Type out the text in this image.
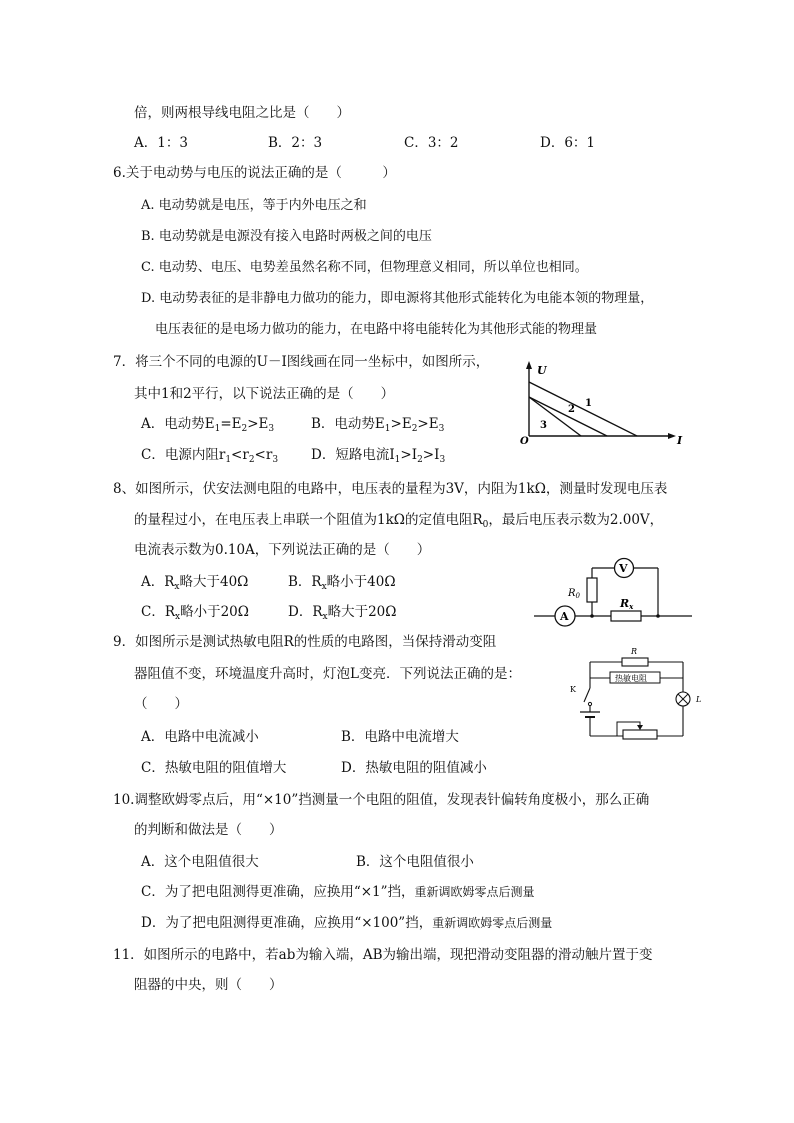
倍，则两根导线电阻之比是（　　）
A．1：3	B．2：3	C．3：2	D．6：1
6.关于电动势与电压的说法正确的是（　　　）
A. 电动势就是电压，等于内外电压之和
B. 电动势就是电源没有接入电路时两极之间的电压
C. 电动势、电压、电势差虽然名称不同，但物理意义相同，所以单位也相同。
D. 电动势表征的是非静电力做功的能力，即电源将其他形式能转化为电能本领的物理量，
电压表征的是电场力做功的能力，在电路中将电能转化为其他形式能的物理量
7．将三个不同的电源的U－I图线画在同一坐标中，如图所示，
其中1和2平行，以下说法正确的是（　　）
A．电动势$E_1=E_2>E_3$	B．电动势$E_1>E_2>E_3$
C．电源内阻$r_1<r_2<r_3$ D．短路电流$I_1>I_2>I_3$
U
I
O
1
2
3
8、如图所示，伏安法测电阻的电路中，电压表的量程为3V，内阻为1kΩ，测量时发现电压表
的量程过小，在电压表上串联一个阻值为1kΩ的定值电阻$R_0$，最后电压表示数为2.00V，
电流表示数为0.10A，下列说法正确的是（　　）
A．$R_x$略大于40Ω	B．$R_x$略小于40Ω
C．$R_x$略小于20Ω	D．$R_x$略大于20Ω	A
V
$R_0$
Rx
9．如图所示是测试热敏电阻R的性质的电路图，当保持滑动变阻
器阻值不变，环境温度升高时，灯泡L变亮．下列说法正确的是：
（　　）
A．电路中电流减小	B．电路中电流增大
C．热敏电阻的阻值增大	D．热敏电阻的阻值减小
R
热敏电阻
K
L
10.调整欧姆零点后，用“×10”挡测量一个电阻的阻值，发现表针偏转角度极小，那么正确
的判断和做法是（　　）
A．这个电阻值很大	B．这个电阻值很小
C．为了把电阻测得更准确，应换用“×1”挡，重新调欧姆零点后测量
D．为了把电阻测得更准确，应换用“×100”挡，重新调欧姆零点后测量
11．如图所示的电路中，若ab为输入端，AB为输出端，现把滑动变阻器的滑动触片置于变
阻器的中央，则（　　）
